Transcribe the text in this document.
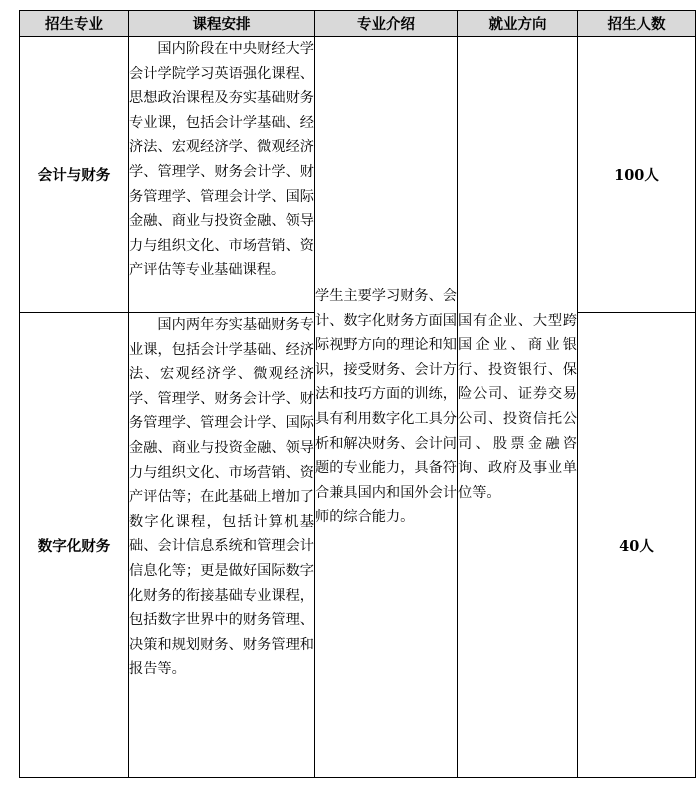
招生专业	课程安排	专业介绍	就业方向	招生人数
会计与财务	国内阶段在中央财经大学会计学院学习英语强化课程、思想政治课程及夯实基础财务专业课，包括会计学基础、经济法、宏观经济学、微观经济学、管理学、财务会计学、财务管理学、管理会计学、国际金融、商业与投资金融、领导力与组织文化、市场营销、资产评估等专业基础课程。	学生主要学习财务、会计、数字化财务方面国际视野方向的理论和知识，接受财务、会计方法和技巧方面的训练，具有利用数字化工具分析和解决财务、会计问题的专业能力，具备符合兼具国内和国外会计师的综合能力。	国有企业、大型跨国企业、商业银行、投资银行、保险公司、证券交易公司、投资信托公司、股票金融咨询、政府及事业单位等。	100人
数字化财务	国内两年夯实基础财务专业课，包括会计学基础、经济法、宏观经济学、微观经济学、管理学、财务会计学、财务管理学、管理会计学、国际金融、商业与投资金融、领导力与组织文化、市场营销、资产评估等；在此基础上增加了数字化课程，包括计算机基础、会计信息系统和管理会计信息化等；更是做好国际数字化财务的衔接基础专业课程，包括数字世界中的财务管理、决策和规划财务、财务管理和报告等。			40人
